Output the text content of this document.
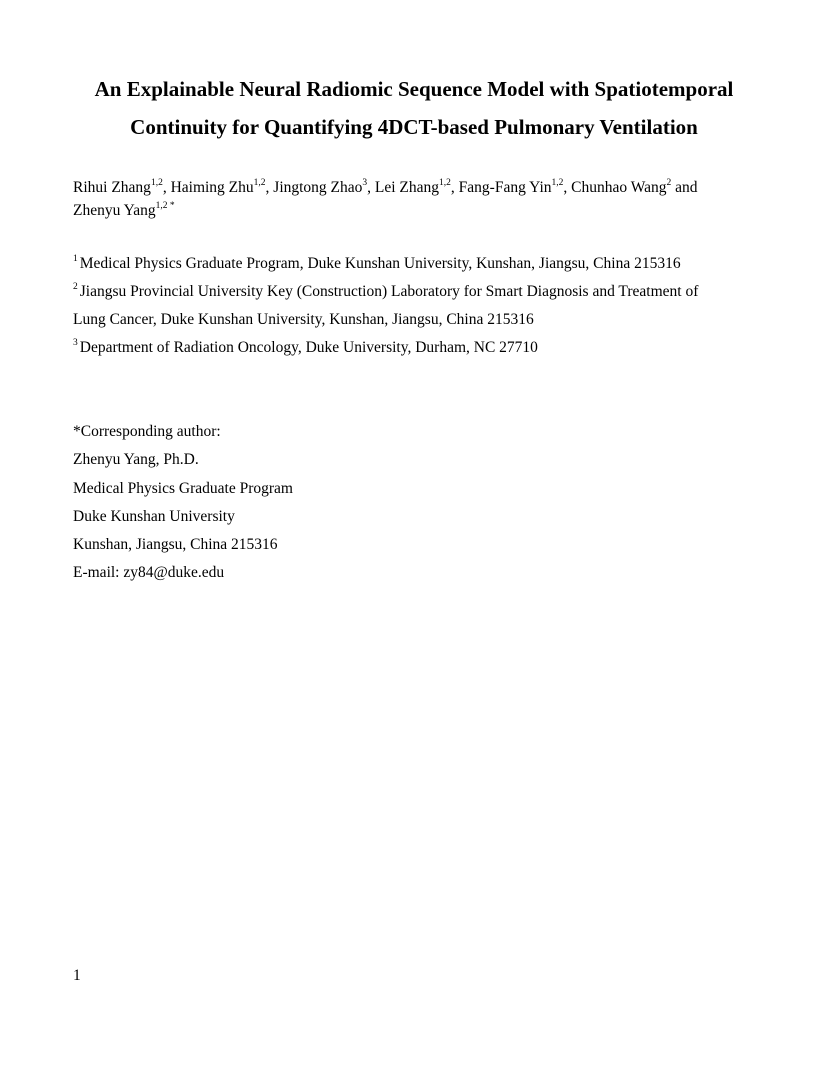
An Explainable Neural Radiomic Sequence Model with Spatiotemporal
Continuity for Quantifying 4DCT-based Pulmonary Ventilation
Rihui Zhang$^{1,2}$, Haiming Zhu$^{1,2}$, Jingtong Zhao$^3$, Lei Zhang$^{1,2}$, Fang-Fang Yin$^{1,2}$, Chunhao Wang$^2$ and
Zhenyu Yang$^{1,2 *}$
$^1$ Medical Physics Graduate Program, Duke Kunshan University, Kunshan, Jiangsu, China 215316
$^2$ Jiangsu Provincial University Key (Construction) Laboratory for Smart Diagnosis and Treatment of
Lung Cancer, Duke Kunshan University, Kunshan, Jiangsu, China 215316
$^3$ Department of Radiation Oncology, Duke University, Durham, NC 27710
*Corresponding author:
Zhenyu Yang, Ph.D.
Medical Physics Graduate Program
Duke Kunshan University
Kunshan, Jiangsu, China 215316
E-mail: zy84@duke.edu
1
